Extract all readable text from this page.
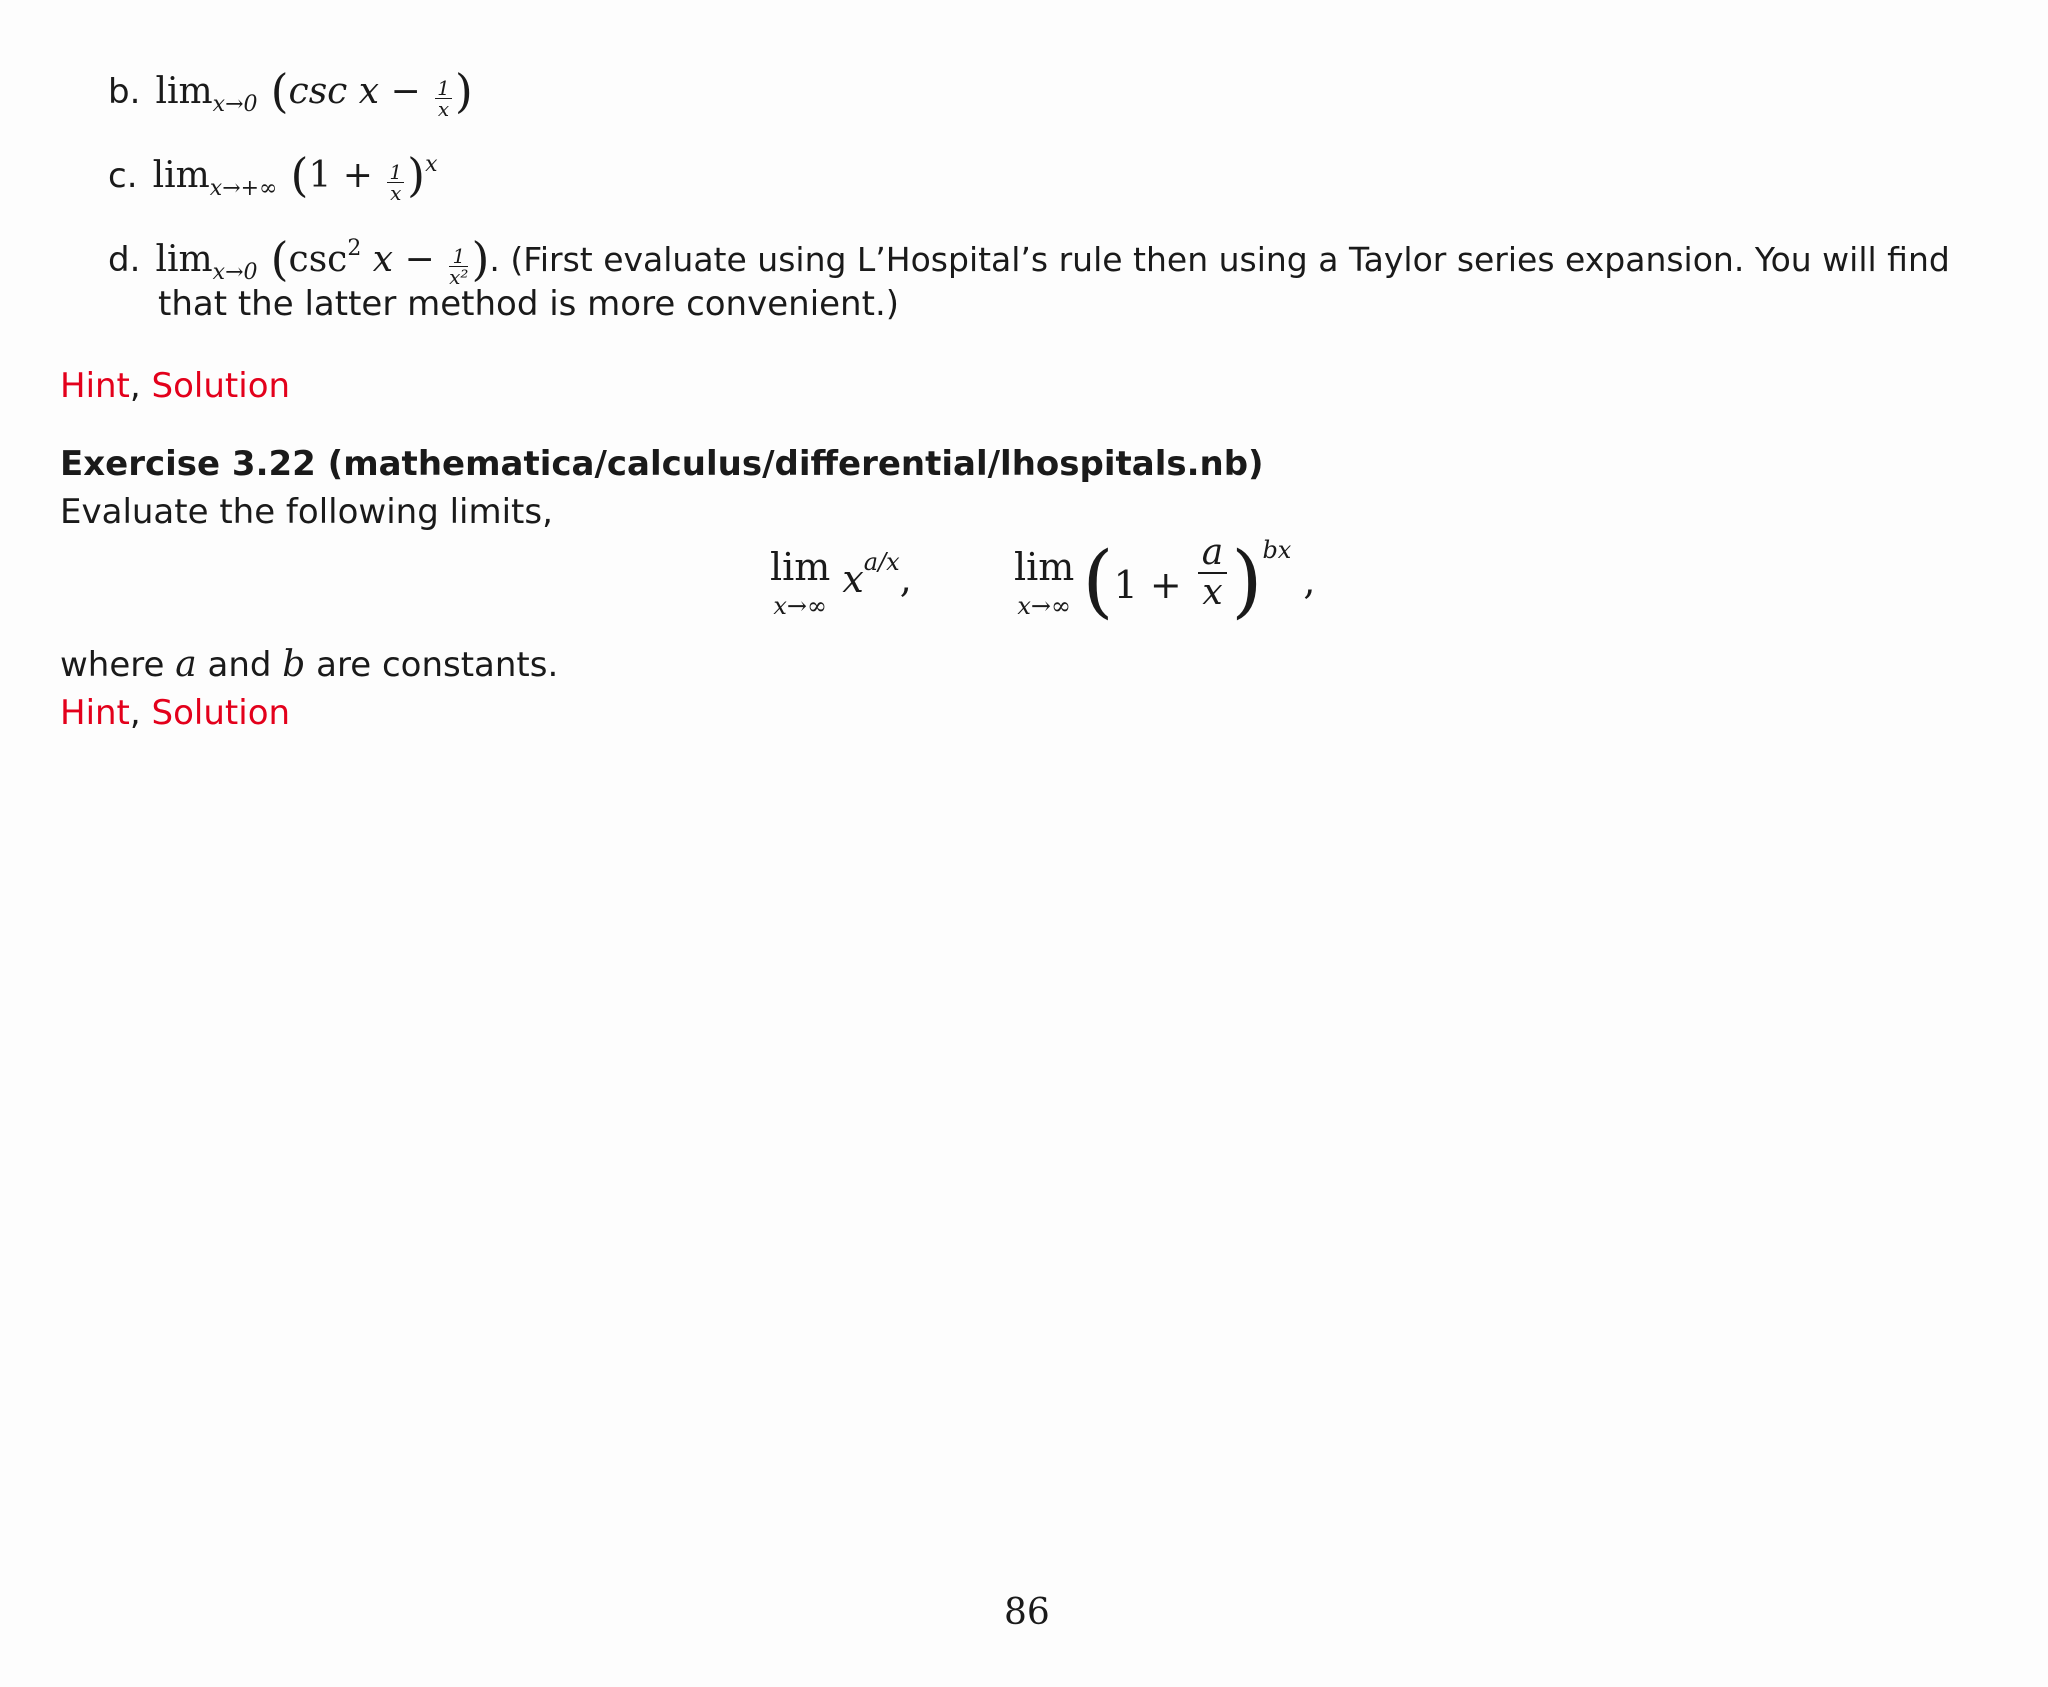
b. limx→0 (csc $x - \frac{1}{x}$ )
c. limx→+∞ $(1 + \frac{1}{x} )x$
d. limx→0 (csc2 $x - \frac{1}{\text{x²}}$ ). (First evaluate using L’Hospital’s rule then using a Taylor series expansion. You will find
that the latter method is more convenient.)
Hint, Solution
Exercise 3.22 (mathematica/calculus/differential/lhospitals.nb)
Evaluate the following limits,
lim
x→∞
xa/x,	lim
x→∞ $(1 + \frac{a}{x} )bx$,
where a and b are constants.
Hint, Solution
86
